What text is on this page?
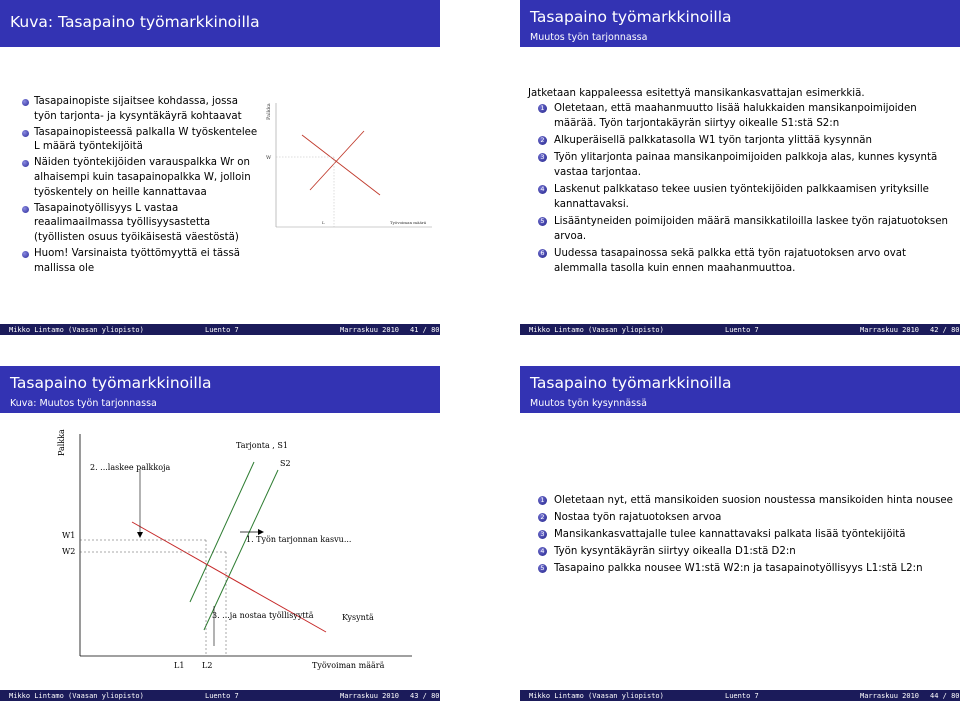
Kuva: Tasapaino työmarkkinoilla
Tasapainopiste sijaitsee kohdassa, jossa työn tarjonta- ja kysyntäkäyrä kohtaavat
Tasapainopisteessä palkalla W työskentelee L määrä työntekijöitä
Näiden työntekijöiden varauspalkka Wr on alhaisempi kuin tasapainopalkka W, jolloin työskentely on heille kannattavaa
Tasapainotyöllisyys L vastaa reaalimaailmassa työllisyysastetta (työllisten osuus työikäisestä väestöstä)
Huom! Varsinaista työttömyyttä ei tässä mallissa ole
Palkka
W
L	Työvoiman määrä
Mikko Lintamo (Vaasan yliopisto)	Luento 7	Marraskuu 2010 41 / 80
Tasapaino työmarkkinoilla
Muutos työn tarjonnassa
Jatketaan kappaleessa esitettyä mansikankasvattajan esimerkkiä.
1 Oletetaan, että maahanmuutto lisää halukkaiden mansikanpoimijoiden määrää. Työn tarjontakäyrän siirtyy oikealle S1:stä S2:n
2 Alkuperäisellä palkkatasolla W1 työn tarjonta ylittää kysynnän
3 Työn ylitarjonta painaa mansikanpoimijoiden palkkoja alas, kunnes kysyntä vastaa tarjontaa.
4 Laskenut palkkataso tekee uusien työntekijöiden palkkaamisen yrityksille kannattavaksi.
5 Lisääntyneiden poimijoiden määrä mansikkatiloilla laskee työn rajatuotoksen arvoa.
6 Uudessa tasapainossa sekä palkka että työn rajatuotoksen arvo ovat alemmalla tasolla kuin ennen maahanmuuttoa.
Mikko Lintamo (Vaasan yliopisto)	Luento 7	Marraskuu 2010 42 / 80
Tasapaino työmarkkinoilla
Kuva: Muutos työn tarjonnassa
Palkka	Tarjonta , S1
S2
2. ...laskee palkkoja
1. Työn tarjonnan kasvu...
3. ...ja nostaa työllisyyttä	Kysyntä
W1
W2
L1 L2	Työvoiman määrä
Mikko Lintamo (Vaasan yliopisto)	Luento 7	Marraskuu 2010 43 / 80
Tasapaino työmarkkinoilla
Muutos työn kysynnässä
1 Oletetaan nyt, että mansikoiden suosion noustessa mansikoiden hinta nousee
2 Nostaa työn rajatuotoksen arvoa
3 Mansikankasvattajalle tulee kannattavaksi palkata lisää työntekijöitä
4 Työn kysyntäkäyrän siirtyy oikealla D1:stä D2:n
5 Tasapaino palkka nousee W1:stä W2:n ja tasapainotyöllisyys L1:stä L2:n
Mikko Lintamo (Vaasan yliopisto)	Luento 7	Marraskuu 2010 44 / 80
